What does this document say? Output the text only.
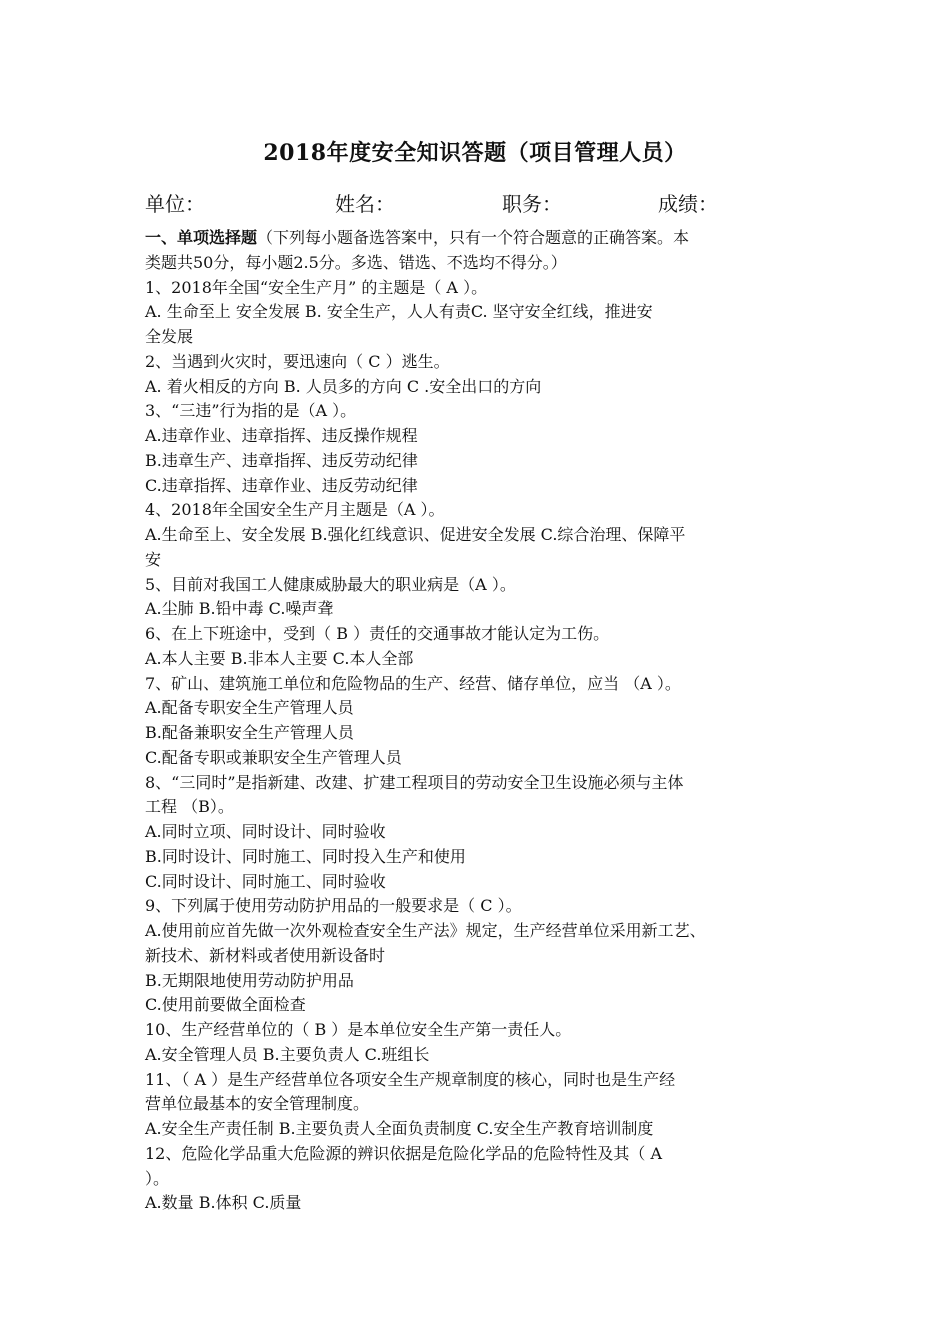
2018年度安全知识答题（项目管理人员）
单位：	姓名：	职务：	成绩：
一、单项选择题（下列每小题备选答案中，只有一个符合题意的正确答案。本
类题共50分，每小题2.5分。多选、错选、不选均不得分。）
1、2018年全国“安全生产月” 的主题是（ A ）。
A. 生命至上 安全发展 B. 安全生产，人人有责C. 坚守安全红线，推进安
全发展
2、当遇到火灾时，要迅速向（ C ）逃生。
A. 着火相反的方向 B. 人员多的方向 C .安全出口的方向
3、“三违”行为指的是（A ）。
A.违章作业、违章指挥、违反操作规程
B.违章生产、违章指挥、违反劳动纪律
C.违章指挥、违章作业、违反劳动纪律
4、2018年全国安全生产月主题是（A ）。
A.生命至上、安全发展 B.强化红线意识、促进安全发展 C.综合治理、保障平
安
5、目前对我国工人健康威胁最大的职业病是（A ）。
A.尘肺 B.铅中毒 C.噪声聋
6、在上下班途中，受到（ B ）责任的交通事故才能认定为工伤。
A.本人主要 B.非本人主要 C.本人全部
7、矿山、建筑施工单位和危险物品的生产、经营、储存单位，应当 （A ）。
A.配备专职安全生产管理人员
B.配备兼职安全生产管理人员
C.配备专职或兼职安全生产管理人员
8、“三同时”是指新建、改建、扩建工程项目的劳动安全卫生设施必须与主体
工程 （B）。
A.同时立项、同时设计、同时验收
B.同时设计、同时施工、同时投入生产和使用
C.同时设计、同时施工、同时验收
9、下列属于使用劳动防护用品的一般要求是（ C ）。
A.使用前应首先做一次外观检查安全生产法》规定，生产经营单位采用新工艺、
新技术、新材料或者使用新设备时
B.无期限地使用劳动防护用品
C.使用前要做全面检查
10、生产经营单位的（ B ）是本单位安全生产第一责任人。
A.安全管理人员 B.主要负责人 C.班组长
11、（ A ）是生产经营单位各项安全生产规章制度的核心，同时也是生产经
营单位最基本的安全管理制度。
A.安全生产责任制 B.主要负责人全面负责制度 C.安全生产教育培训制度
12、危险化学品重大危险源的辨识依据是危险化学品的危险特性及其（ A
）。
A.数量 B.体积 C.质量
